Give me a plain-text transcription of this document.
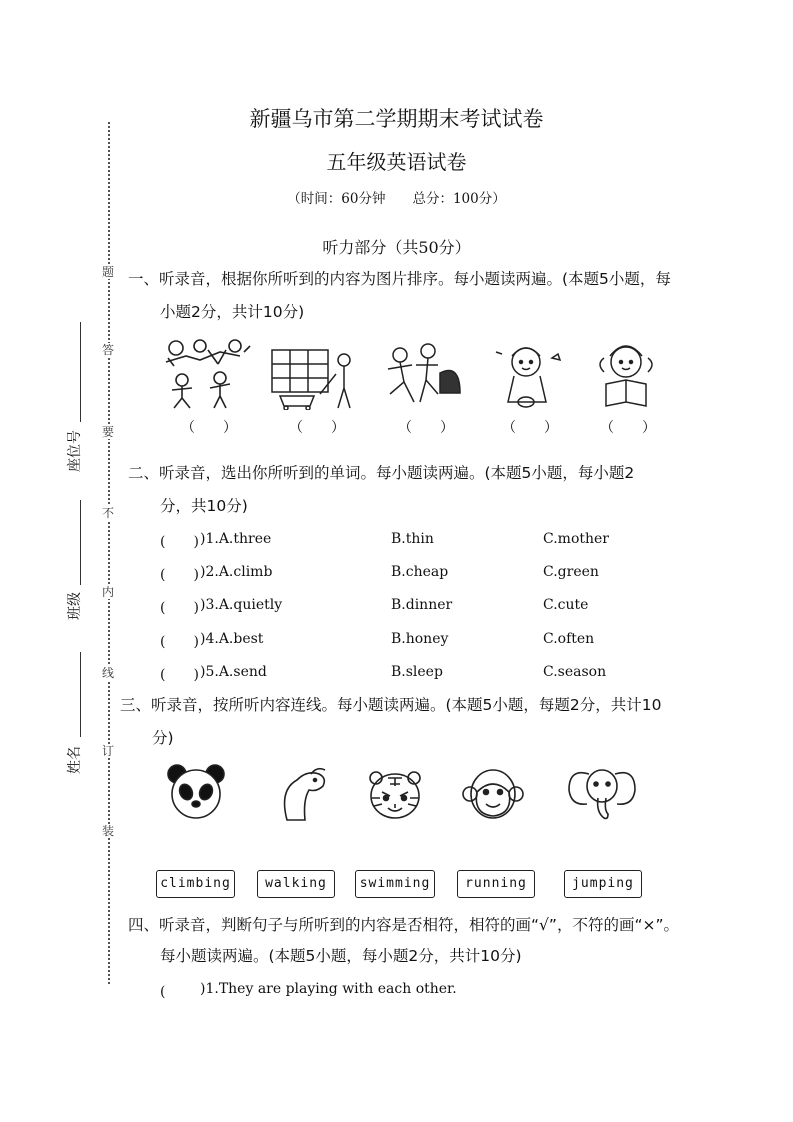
题
答
要
不
内
线
订
装
座位号
班级
姓名
新疆乌市第二学期期末考试试卷
五年级英语试卷
（时间：60分钟　　总分：100分）
听力部分（共50分）
一、听录音，根据你所听到的内容为图片排序。每小题读两遍。(本题5小题，每
小题2分，共计10分)
（　　）	（　　）	（　　）	（　　）	（　　）
二、听录音，选出你所听到的单词。每小题读两遍。(本题5小题，每小题2
分，共10分)
(　　) )1.A.three	B.thin	C.mother
(　　) )2.A.climb	B.cheap	C.green
(　　) )3.A.quietly	B.dinner	C.cute
(　　) )4.A.best	B.honey	C.often
(　　) )5.A.send	B.sleep	C.season
三、听录音，按所听内容连线。每小题读两遍。(本题5小题，每题2分，共计10
分)
climbing	walking	swimming	running	jumping
四、听录音，判断句子与所听到的内容是否相符，相符的画“√”，不符的画“×”。
每小题读两遍。(本题5小题，每小题2分，共计10分)
(　　 )1.They are playing with each other.
